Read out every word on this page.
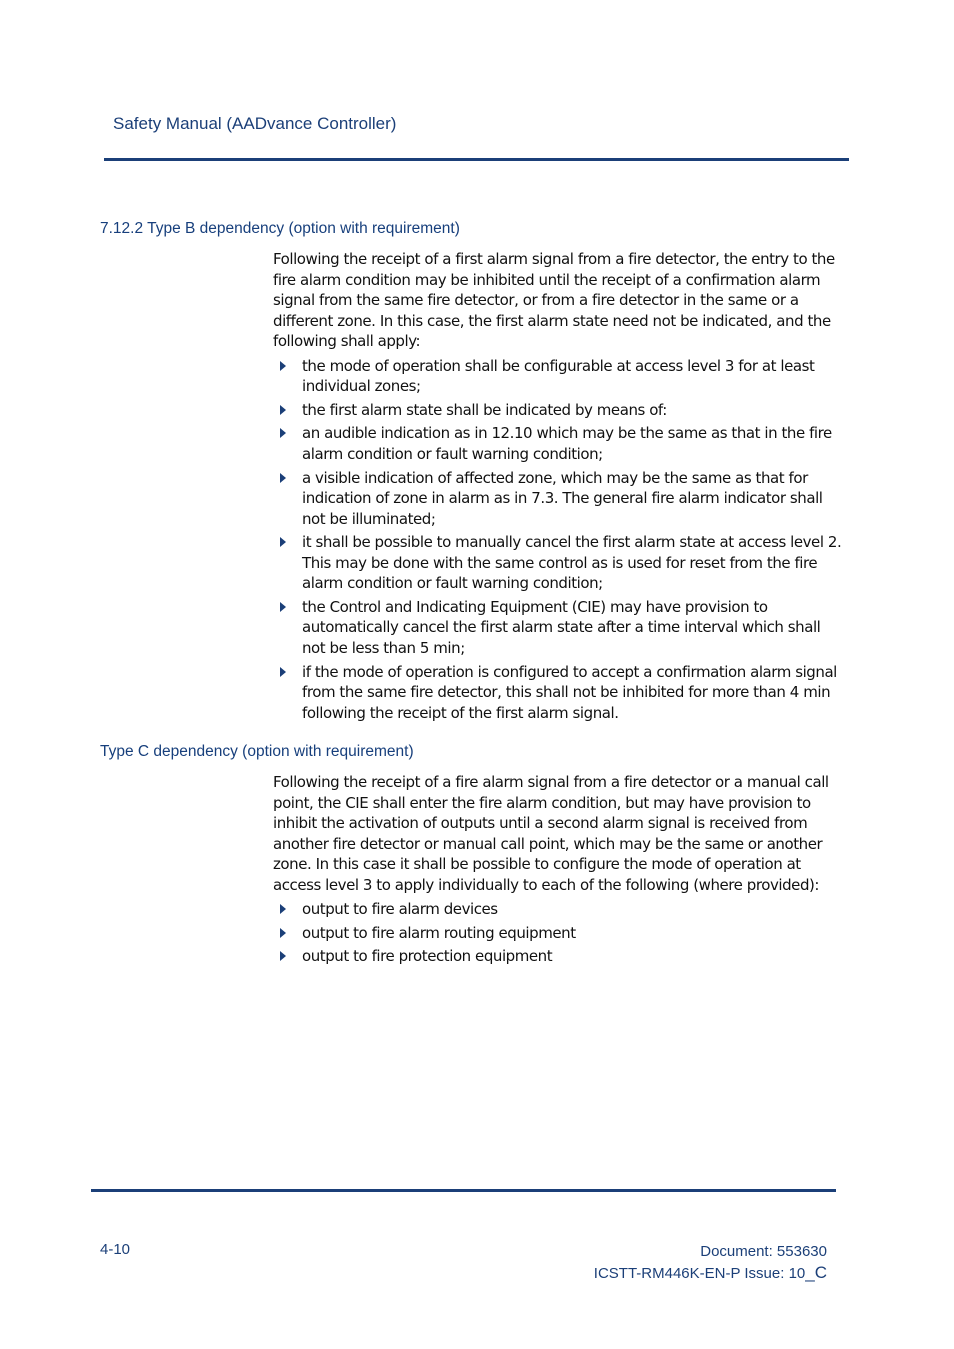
Safety Manual (AADvance Controller)
7.12.2 Type B dependency (option with requirement)

Following the receipt of a first alarm signal from a fire detector, the entry to the fire alarm condition may be inhibited until the receipt of a confirmation alarm signal from the same fire detector, or from a fire detector in the same or a different zone. In this case, the first alarm state need not be indicated, and the following shall apply:

the mode of operation shall be configurable at access level 3 for at least individual zones;
the first alarm state shall be indicated by means of:
an audible indication as in 12.10 which may be the same as that in the fire alarm condition or fault warning condition;
a visible indication of affected zone, which may be the same as that for indication of zone in alarm as in 7.3. The general fire alarm indicator shall not be illuminated;
it shall be possible to manually cancel the first alarm state at access level 2. This may be done with the same control as is used for reset from the fire alarm condition or fault warning condition;
the Control and Indicating Equipment (CIE) may have provision to automatically cancel the first alarm state after a time interval which shall not be less than 5 min;
if the mode of operation is configured to accept a confirmation alarm signal from the same fire detector, this shall not be inhibited for more than 4 min following the receipt of the first alarm signal.
Type C dependency (option with requirement)

Following the receipt of a fire alarm signal from a fire detector or a manual call point, the CIE shall enter the fire alarm condition, but may have provision to inhibit the activation of outputs until a second alarm signal is received from another fire detector or manual call point, which may be the same or another zone. In this case it shall be possible to configure the mode of operation at access level 3 to apply individually to each of the following (where provided):

output to fire alarm devices
output to fire alarm routing equipment
output to fire protection equipment
4-10	Document: 553630
ICSTT-RM446K-EN-P Issue: 10_C
